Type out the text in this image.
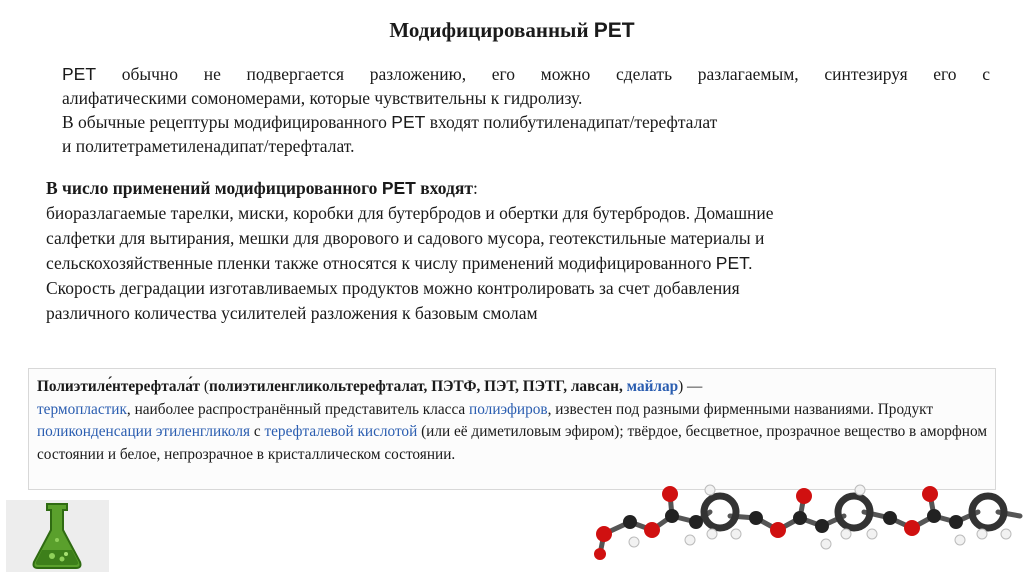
Модифицированный PET
PET обычно не подвергается разложению, его можно сделать разлагаемым, синтезируя его с
алифатическими сомономерами, которые чувствительны к гидролизу.
В обычные рецептуры модифицированного PET входят полибутиленадипат/терефталат
и политетраметиленадипат/терефталат.
В число применений модифицированного PET входят:
биоразлагаемые тарелки, миски, коробки для бутербродов и обертки для бутербродов. Домашние
салфетки для вытирания, мешки для дворового и садового мусора, геотекстильные материалы и
сельскохозяйственные пленки также относятся к числу применений модифицированного PET.
Скорость деградации изготавливаемых продуктов можно контролировать за счет добавления
различного количества усилителей разложения к базовым смолам
Полиэтиле́нтерефтала́т (полиэтиленгликольтерефталат, ПЭТФ, ПЭТ, ПЭТГ, лавсан, майлар) —
термопластик, наиболее распространённый представитель класса полиэфиров, известен под разными фирменными названиями. Продукт поликонденсации этиленгликоля с терефталевой кислотой (или её диметиловым эфиром); твёрдое, бесцветное, прозрачное вещество в аморфном состоянии и белое, непрозрачное в кристаллическом состоянии.
